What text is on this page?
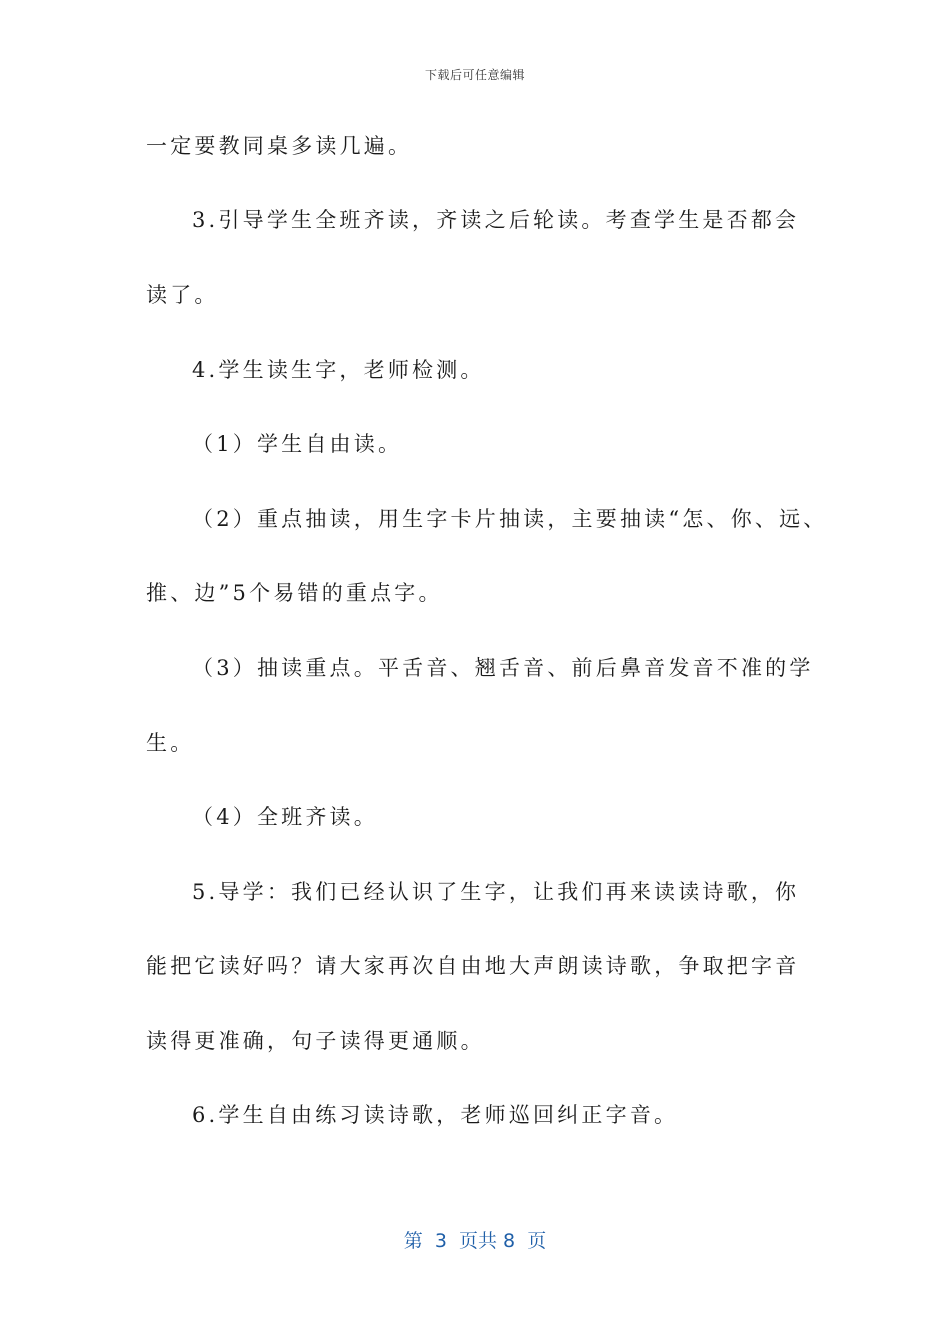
下载后可任意编辑
一定要教同桌多读几遍。
3.引导学生全班齐读，齐读之后轮读。考查学生是否都会
读了。
4.学生读生字，老师检测。
（1）学生自由读。
（2）重点抽读，用生字卡片抽读，主要抽读“怎、你、远、
推、边”5个易错的重点字。
（3）抽读重点。平舌音、翘舌音、前后鼻音发音不准的学
生。
（4）全班齐读。
5.导学：我们已经认识了生字，让我们再来读读诗歌，你
能把它读好吗？请大家再次自由地大声朗读诗歌，争取把字音
读得更准确，句子读得更通顺。
6.学生自由练习读诗歌，老师巡回纠正字音。
第  3  页共 8  页
